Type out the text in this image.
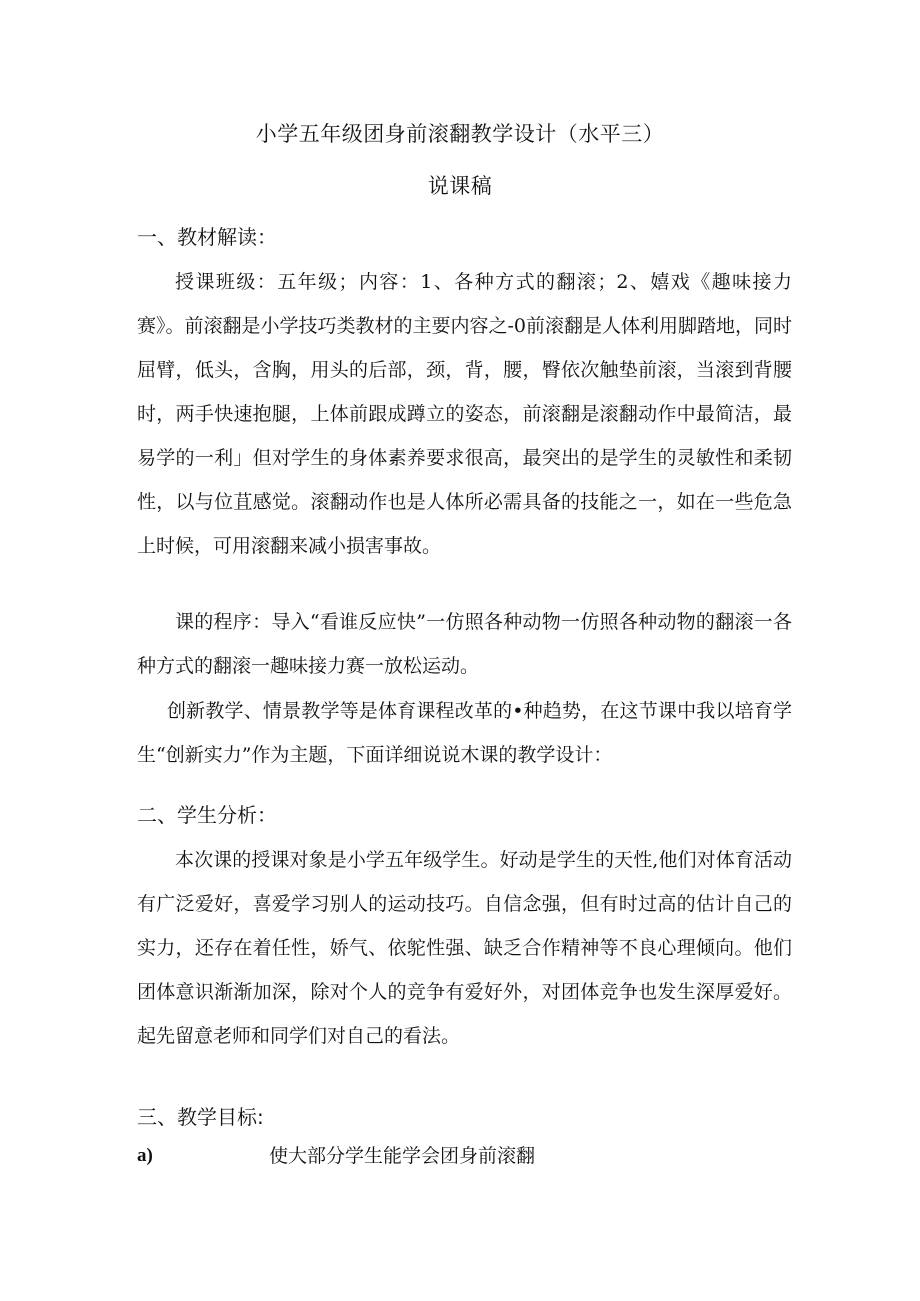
小学五年级团身前滚翻教学设计（水平三）
说课稿
一、教材解读：
授课班级：五年级；内容：1、各种方式的翻滚；2、嬉戏《趣味接力赛》。前滚翻是小学技巧类教材的主要内容之-0前滚翻是人体利用脚踏地，同时屈臂，低头，含胸，用头的后部，颈，背，腰，臀依次触垫前滚，当滚到背腰时，两手快速抱腿，上体前跟成蹲立的姿态，前滚翻是滚翻动作中最简洁，最易学的一利」但对学生的身体素养要求很高，最突出的是学生的灵敏性和柔韧性，以与位苴感觉。滚翻动作也是人体所必需具备的技能之一，如在一些危急上时候，可用滚翻来减小损害事故。
课的程序：导入“看谁反应快”一仿照各种动物一仿照各种动物的翻滚一各种方式的翻滚一趣味接力赛一放松运动。
创新教学、情景教学等是体育课程改革的•种趋势，在这节课中我以培育学生“创新实力”作为主题，下面详细说说木课的教学设计：
二、学生分析：
本次课的授课对象是小学五年级学生。好动是学生的天性,他们对体育活动有广泛爱好，喜爱学习别人的运动技巧。自信念强，但有时过高的估计自己的实力，还存在着任性，娇气、依鸵性强、缺乏合作精神等不良心理倾向。他们团体意识渐渐加深，除对个人的竞争有爱好外，对团体竞争也发生深厚爱好。起先留意老师和同学们对自己的看法。
三、教学目标:
a)	使大部分学生能学会团身前滚翻
